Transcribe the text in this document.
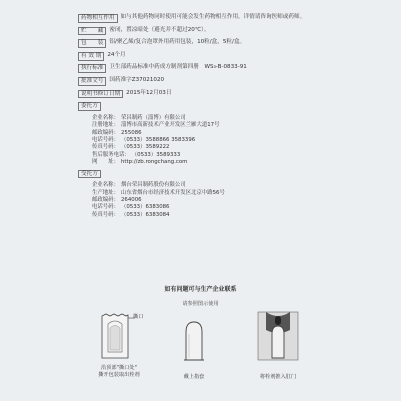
药物相互作用	如与其他药物同时使用可能会发生药物相互作用，详情请咨询医师或药师。
贮　　藏	密闭，置凉暗处（避光并不超过20℃）。
包　　装	铝/聚乙烯/复合泡罩外用药用包装，10粒/盒，5粒/盒。
有 效 期	24个月
执行标准	卫生部药品标准中药成方制剂第四册　WS₃-B-0833-91
批准文号	国药准字Z37021020
说明书修订日期	2015年12月03日
委托方
企业名称： 荣昌制药（淄博）有限公司
注册地址： 淄博市高新技术产业开发区兰雁大道17号
邮政编码： 255086
电话号码： （0533）3588866 3583396
传真号码： （0533）3589222
售后服务电话： （0533）3589333
网　　址： http://zb.rongchang.com
受托方
企业名称： 烟台荣昌制药股份有限公司
生产地址： 山东省烟台市经济技术开发区北京中路56号
邮政编码： 264006
电话号码： （0533）6383086
传真号码： （0533）6383084
如有问题可与生产企业联系
请参照图示使用
撕口
沿顶部"撕口处"
撕开包装取出栓剂	戴上指套	将栓剂推入肛门
